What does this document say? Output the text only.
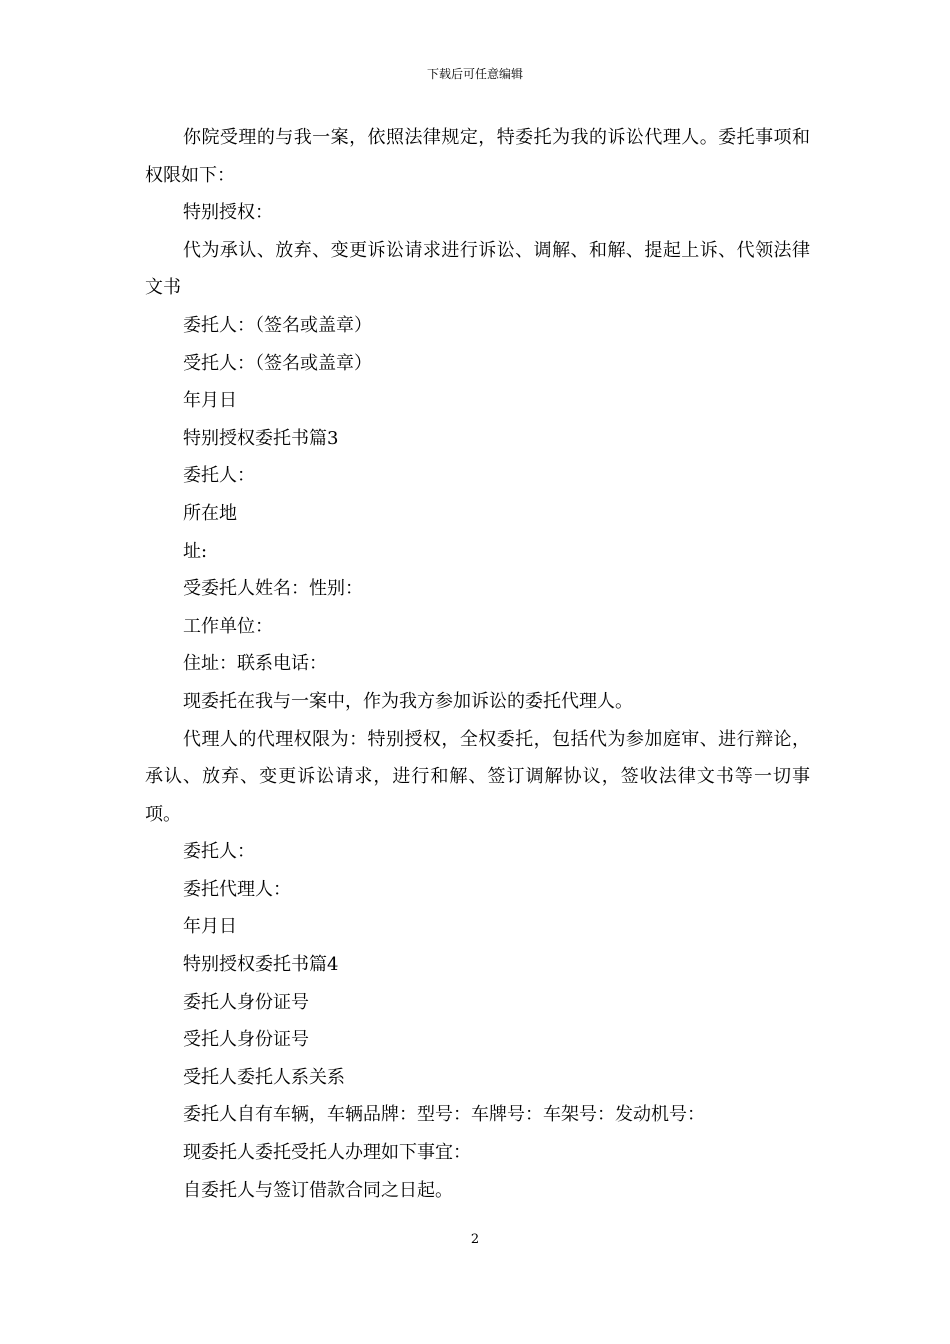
下载后可任意编辑

你院受理的与我一案，依照法律规定，特委托为我的诉讼代理人。委托事项和权限如下：

特别授权：

代为承认、放弃、变更诉讼请求进行诉讼、调解、和解、提起上诉、代领法律文书

委托人：（签名或盖章）

受托人：（签名或盖章）

年月日

特别授权委托书篇3

委托人：

所在地

址:

受委托人姓名：性别：

工作单位：

住址：联系电话：

现委托在我与一案中，作为我方参加诉讼的委托代理人。

代理人的代理权限为：特别授权，全权委托，包括代为参加庭审、进行辩论，承认、放弃、变更诉讼请求，进行和解、签订调解协议，签收法律文书等一切事项。

委托人：

委托代理人：

年月日

特别授权委托书篇4

委托人身份证号

受托人身份证号

受托人委托人系关系

委托人自有车辆，车辆品牌：型号：车牌号：车架号：发动机号：

现委托人委托受托人办理如下事宜：

自委托人与签订借款合同之日起。

2
